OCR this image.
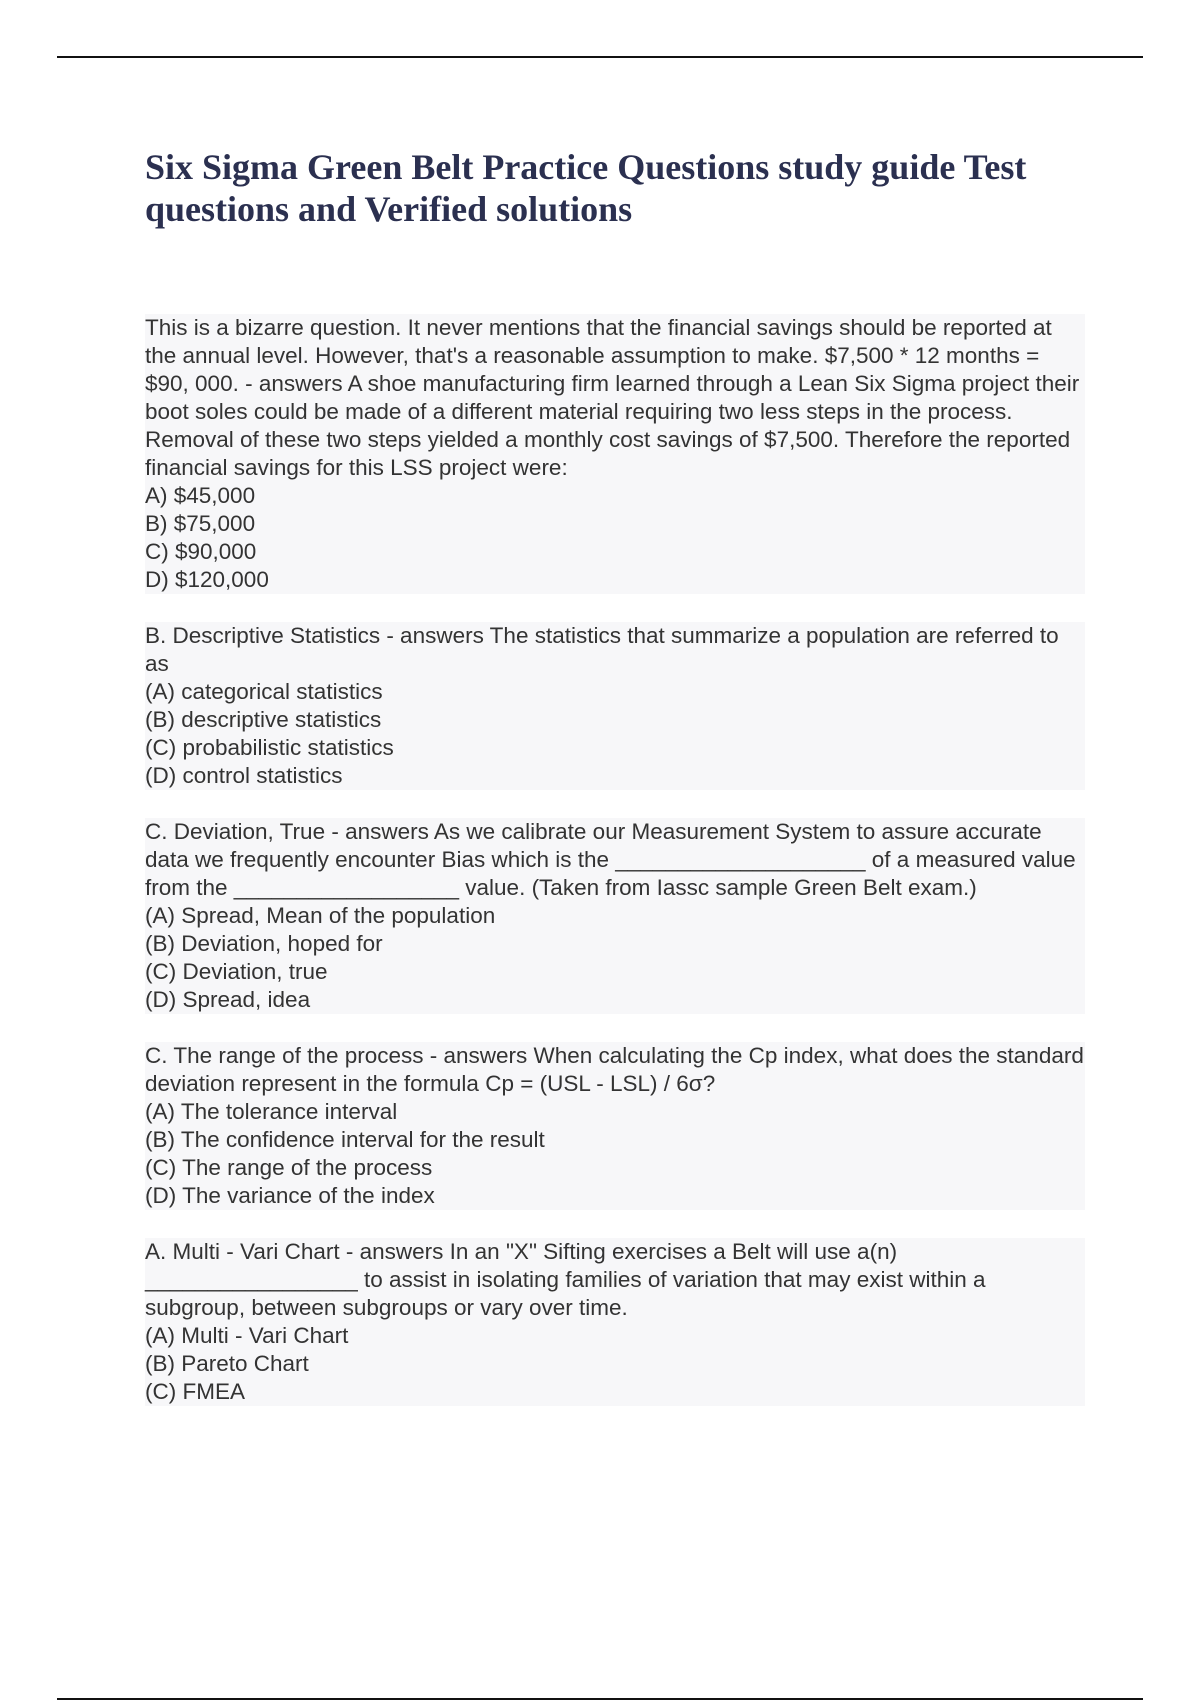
Six Sigma Green Belt Practice Questions study guide Test questions and Verified solutions

This is a bizarre question. It never mentions that the financial savings should be reported at the annual level. However, that's a reasonable assumption to make. $7,500 * 12 months = $90, 000. - answers A shoe manufacturing firm learned through a Lean Six Sigma project their boot soles could be made of a different material requiring two less steps in the process. Removal of these two steps yielded a monthly cost savings of $7,500. Therefore the reported financial savings for this LSS project were:

A) $45,000
B) $75,000
C) $90,000
D) $120,000

B. Descriptive Statistics - answers The statistics that summarize a population are referred to as

(A) categorical statistics
(B) descriptive statistics
(C) probabilistic statistics
(D) control statistics

C. Deviation, True - answers As we calibrate our Measurement System to assure accurate data we frequently encounter Bias which is the ____________________ of a measured value from the __________________ value. (Taken from Iassc sample Green Belt exam.)

(A) Spread, Mean of the population
(B) Deviation, hoped for
(C) Deviation, true
(D) Spread, idea

C. The range of the process - answers When calculating the Cp index, what does the standard deviation represent in the formula Cp = (USL - LSL) / 6σ?

(A) The tolerance interval
(B) The confidence interval for the result
(C) The range of the process
(D) The variance of the index

A. Multi - Vari Chart - answers In an "X" Sifting exercises a Belt will use a(n) _________________ to assist in isolating families of variation that may exist within a subgroup, between subgroups or vary over time.

(A) Multi - Vari Chart
(B) Pareto Chart
(C) FMEA
